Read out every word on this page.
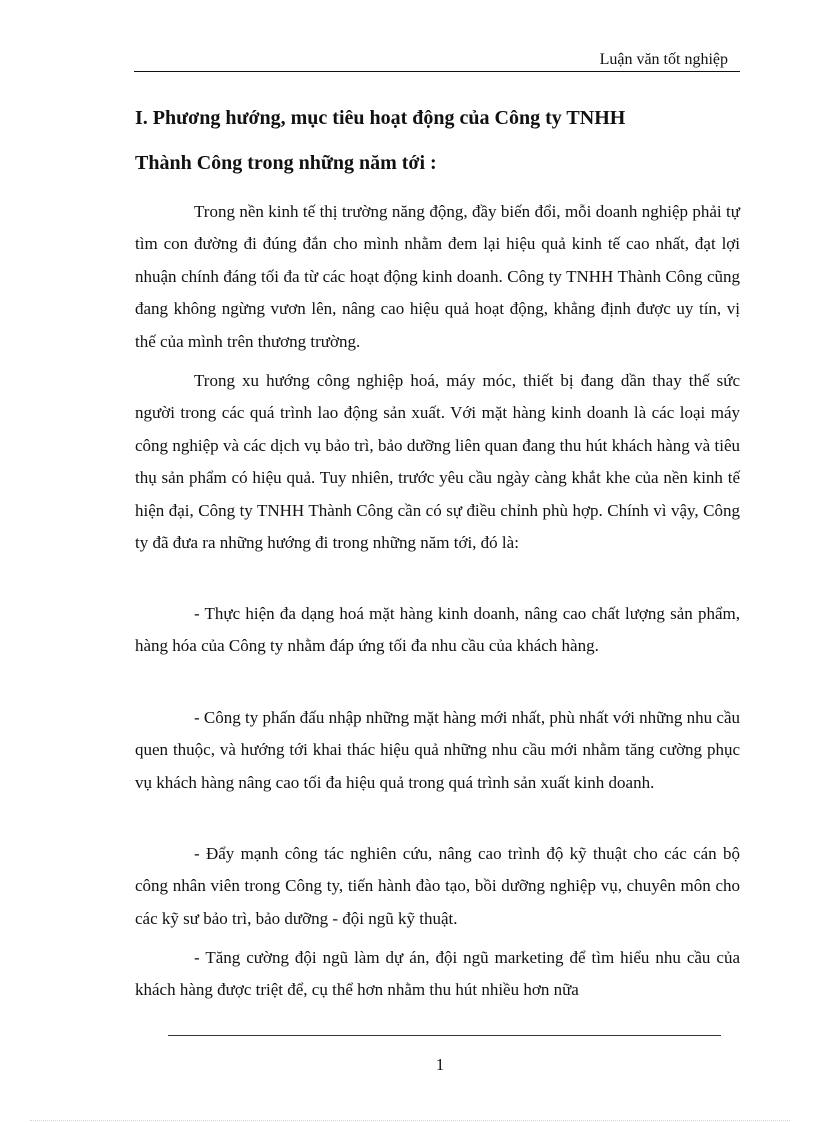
Luận văn tốt nghiệp
I. Phương hướng, mục tiêu hoạt động của Công ty TNHH
Thành Công trong những năm tới :

Trong nền kinh tế thị trường năng động, đầy biến đổi, mỗi doanh nghiệp phải tự tìm con đường đi đúng đắn cho mình nhằm đem lại hiệu quả kinh tế cao nhất, đạt lợi nhuận chính đáng tối đa từ các hoạt động kinh doanh. Công ty TNHH Thành Công cũng đang không ngừng vươn lên, nâng cao hiệu quả hoạt động, khẳng định được uy tín, vị thế của mình trên thương trường.

Trong xu hướng công nghiệp hoá, máy móc, thiết bị đang dần thay thế sức người trong các quá trình lao động sản xuất. Với mặt hàng kinh doanh là các loại máy công nghiệp và các dịch vụ bảo trì, bảo dưỡng liên quan đang thu hút khách hàng và tiêu thụ sản phẩm có hiệu quả. Tuy nhiên, trước yêu cầu ngày càng khắt khe của nền kinh tế hiện đại, Công ty TNHH Thành Công cần có sự điều chỉnh phù hợp. Chính vì vậy, Công ty đã đưa ra những hướng đi trong những năm tới, đó là:

- Thực hiện đa dạng hoá mặt hàng kinh doanh, nâng cao chất lượng sản phẩm, hàng hóa của Công ty nhằm đáp ứng tối đa nhu cầu của khách hàng.

- Công ty phấn đấu nhập những mặt hàng mới nhất, phù nhất với những nhu cầu quen thuộc, và hướng tới khai thác hiệu quả những nhu cầu mới nhằm tăng cường phục vụ khách hàng nâng cao tối đa hiệu quả trong quá trình sản xuất kinh doanh.

- Đẩy mạnh công tác nghiên cứu, nâng cao trình độ kỹ thuật cho các cán bộ công nhân viên trong Công ty, tiến hành đào tạo, bồi dưỡng nghiệp vụ, chuyên môn cho các kỹ sư bảo trì, bảo dưỡng - đội ngũ kỹ thuật.

- Tăng cường đội ngũ làm dự án, đội ngũ marketing để tìm hiểu nhu cầu của khách hàng được triệt để, cụ thể hơn nhằm thu hút nhiều hơn nữa

1
